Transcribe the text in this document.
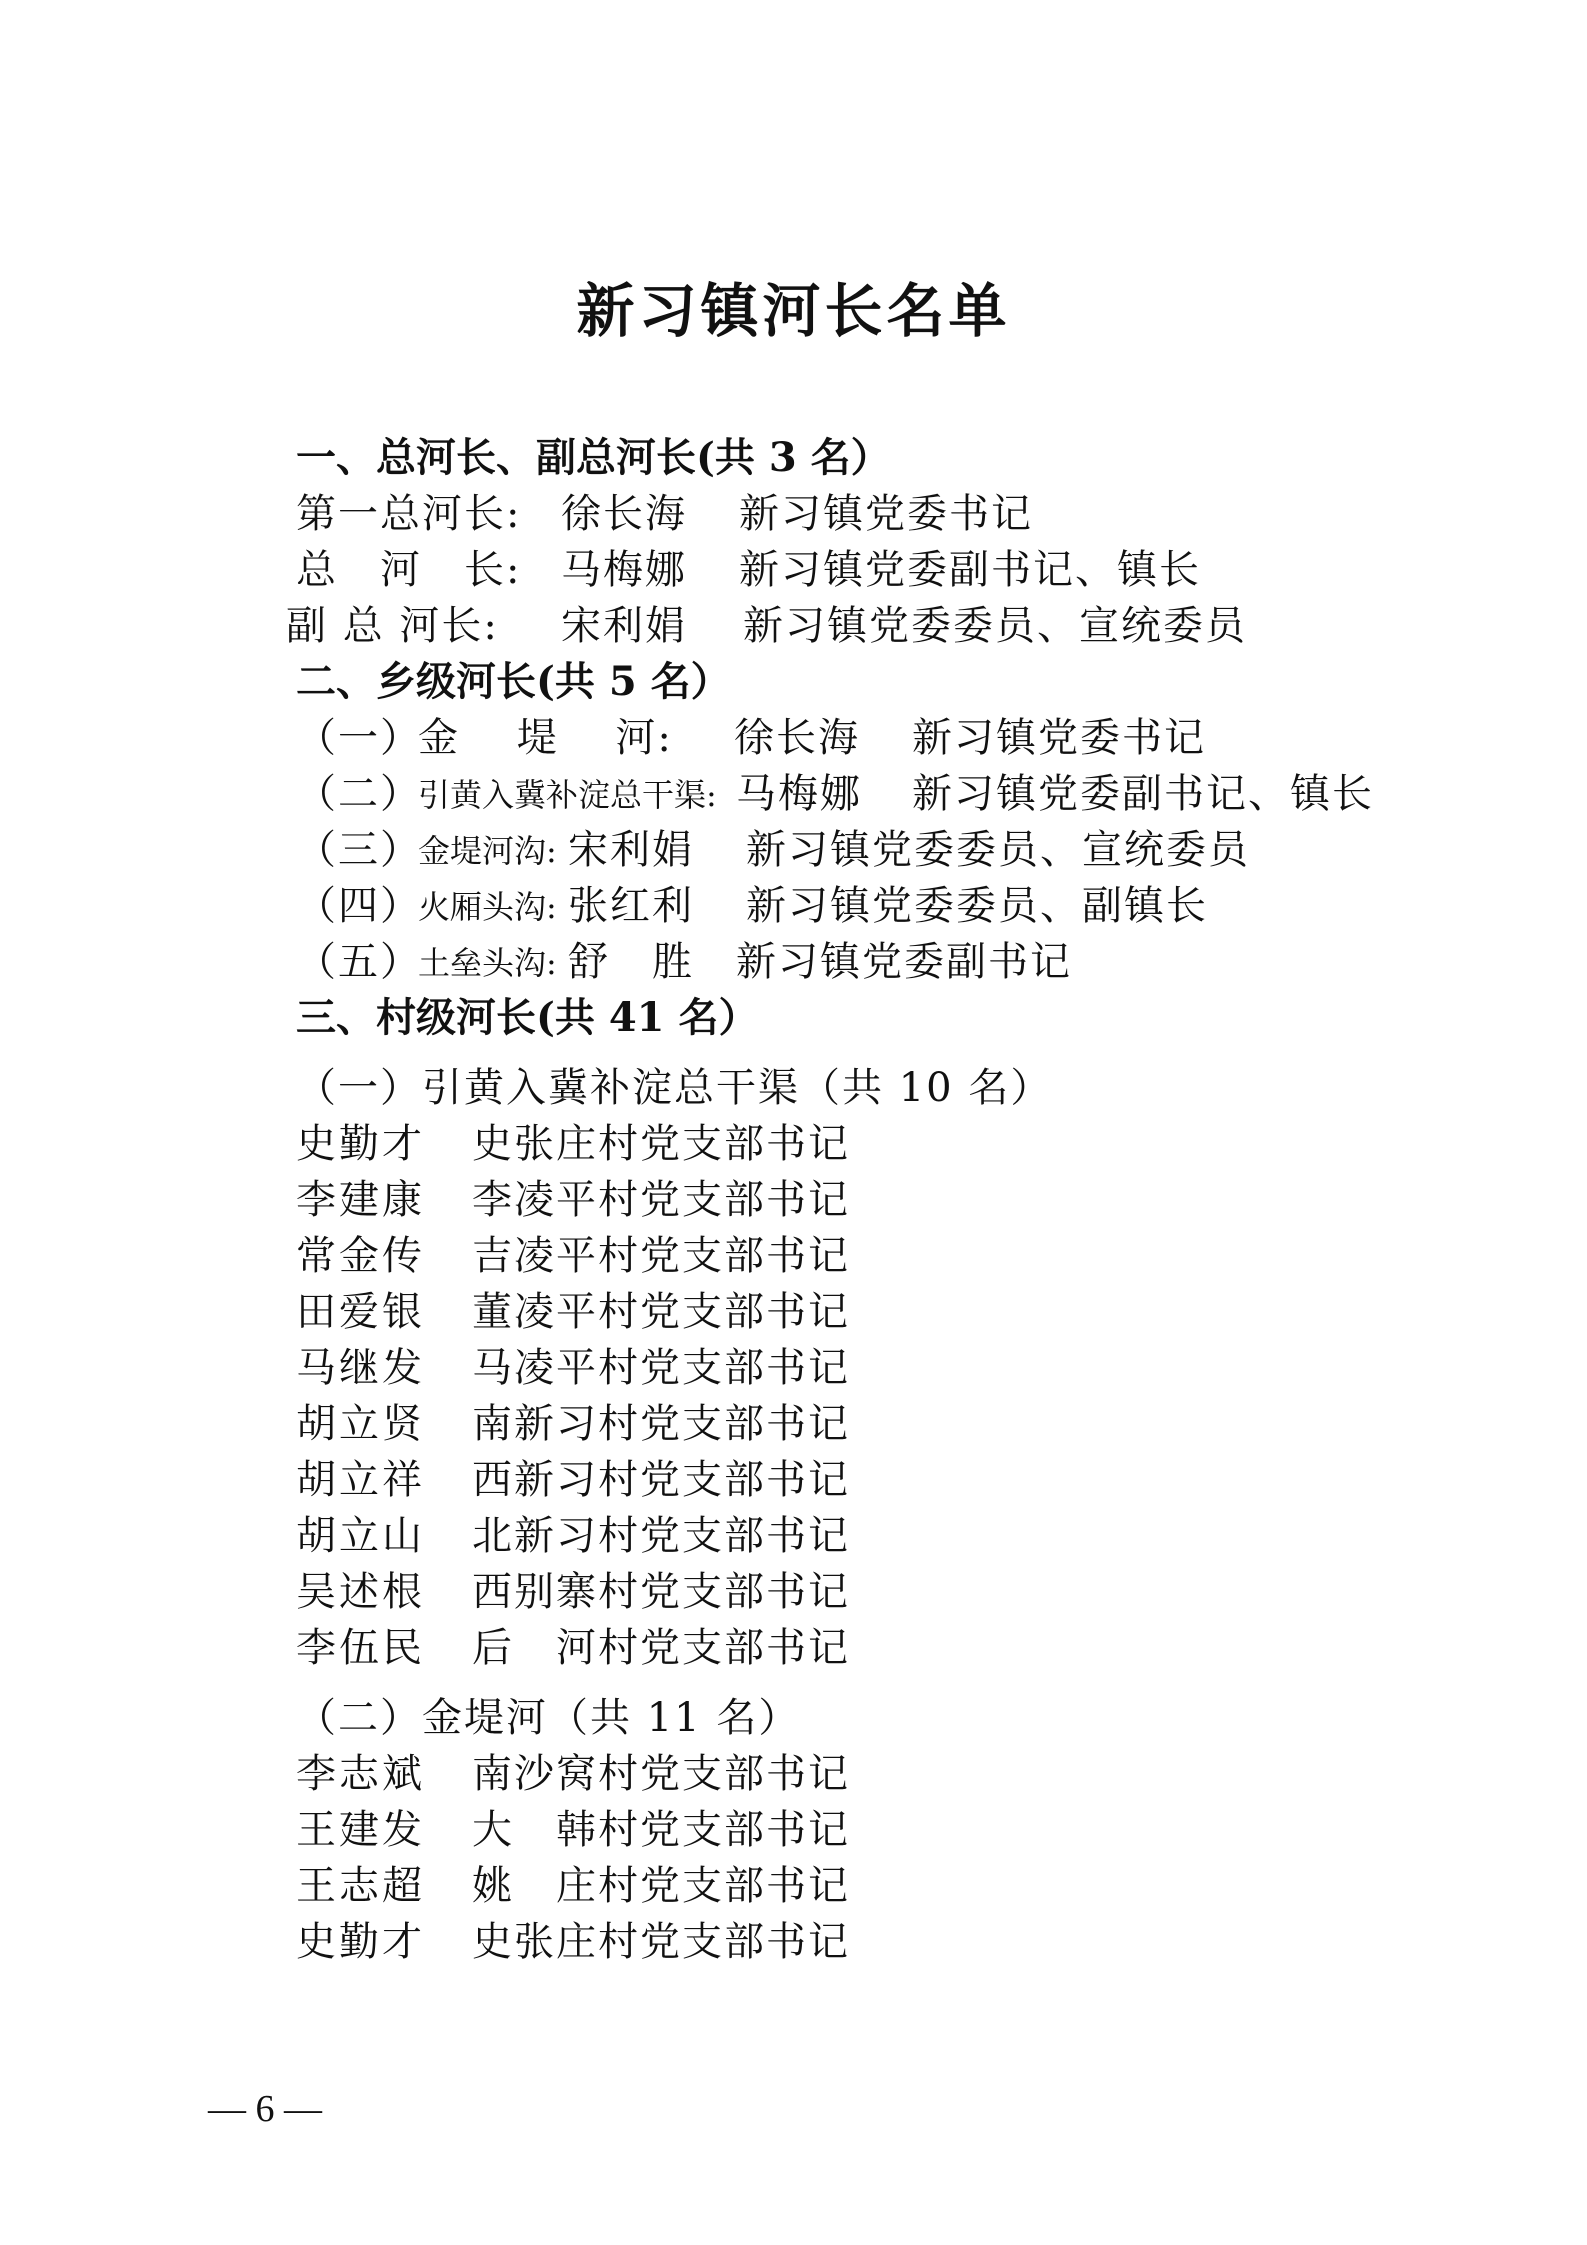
新习镇河长名单
一、总河长、副总河长(共 3 名）
第一总河长: 徐长海	新习镇党委书记
总　河　长: 马梅娜	新习镇党委副书记、镇长
副 总 河长:	宋利娟	新习镇党委委员、宣统委员
二、乡级河长(共 5 名）
（一）
金　 堤　 河:	徐长海	新习镇党委书记
（二）
引黄入冀补淀总干渠: 马梅娜	新习镇党委副书记、镇长
（三）
金堤河沟: 宋利娟	新习镇党委委员、宣统委员
（四）
火厢头沟: 张红利	新习镇党委委员、副镇长
（五）
土垒头沟: 舒　胜	新习镇党委副书记
三、村级河长(共 41 名）
（一）引黄入冀补淀总干渠（共 10 名）
史勤才	史张庄村党支部书记
李建康	李凌平村党支部书记
常金传	吉凌平村党支部书记
田爱银	董凌平村党支部书记
马继发	马凌平村党支部书记
胡立贤	南新习村党支部书记
胡立祥	西新习村党支部书记
胡立山	北新习村党支部书记
吴述根	西别寨村党支部书记
李伍民	后　河村党支部书记
（二）金堤河（共 11 名）
李志斌	南沙窝村党支部书记
王建发	大　韩村党支部书记
王志超	姚　庄村党支部书记
史勤才	史张庄村党支部书记
— 6 —
